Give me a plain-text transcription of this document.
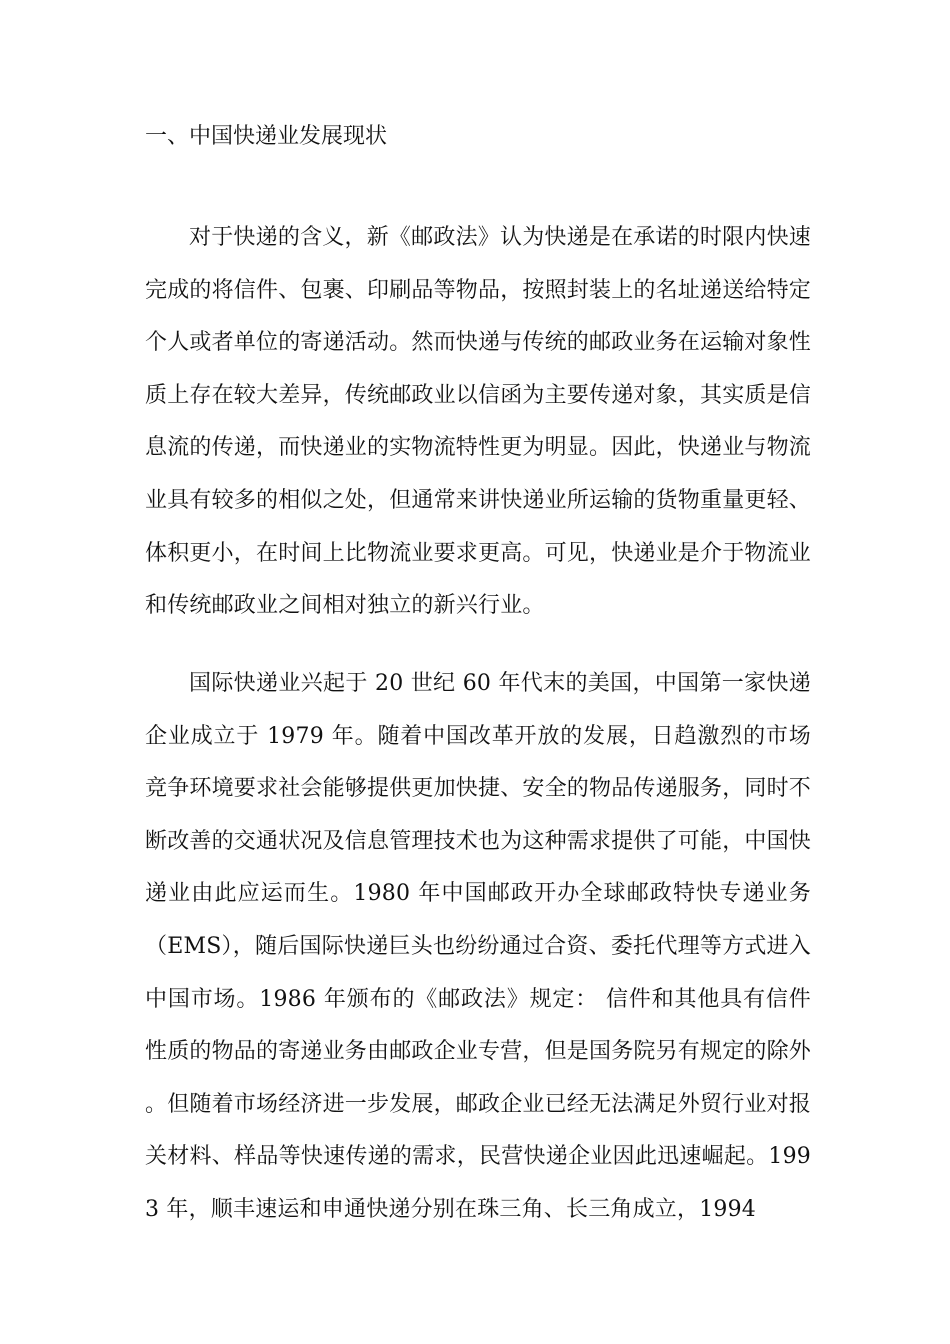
一、中国快递业发展现状

对于快递的含义，新《邮政法》认为快递是在承诺的时限内快速完成的将信件、包裹、印刷品等物品，按照封装上的名址递送给特定个人或者单位的寄递活动。然而快递与传统的邮政业务在运输对象性质上存在较大差异，传统邮政业以信函为主要传递对象，其实质是信息流的传递，而快递业的实物流特性更为明显。因此，快递业与物流业具有较多的相似之处，但通常来讲快递业所运输的货物重量更轻、体积更小，在时间上比物流业要求更高。可见，快递业是介于物流业和传统邮政业之间相对独立的新兴行业。

国际快递业兴起于 20 世纪 60 年代末的美国，中国第一家快递企业成立于 1979 年。随着中国改革开放的发展，日趋激烈的市场竞争环境要求社会能够提供更加快捷、安全的物品传递服务，同时不断改善的交通状况及信息管理技术也为这种需求提供了可能，中国快递业由此应运而生。1980 年中国邮政开办全球邮政特快专递业务（EMS），随后国际快递巨头也纷纷通过合资、委托代理等方式进入中国市场。1986 年颁布的《邮政法》规定： 信件和其他具有信件性质的物品的寄递业务由邮政企业专营，但是国务院另有规定的除外 。但随着市场经济进一步发展，邮政企业已经无法满足外贸行业对报关材料、样品等快速传递的需求，民营快递企业因此迅速崛起。1993 年，顺丰速运和申通快递分别在珠三角、长三角成立，1994
